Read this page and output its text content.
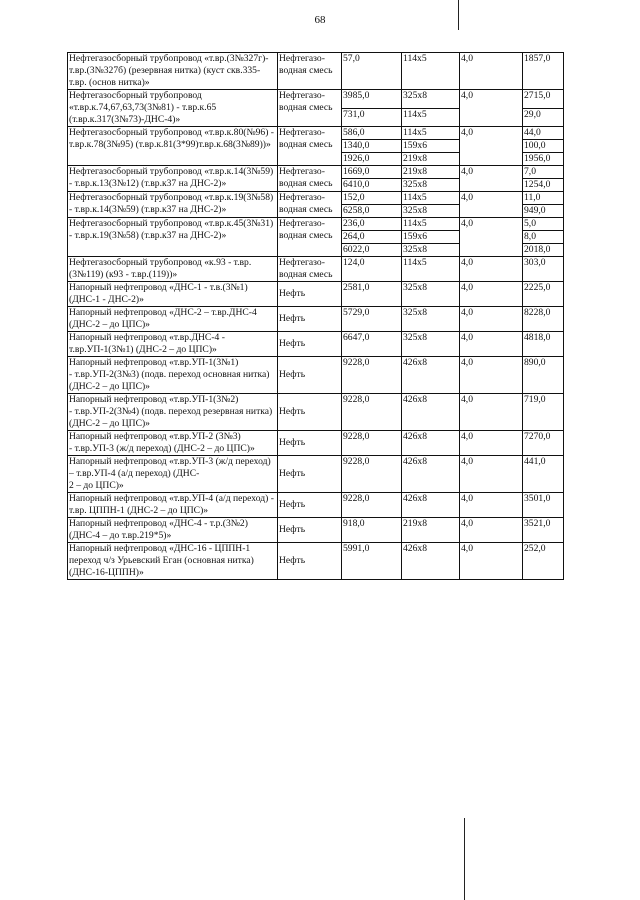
68
Нефтегазосборный трубопровод «т.вр.(3№327г)- т.вр.(3№327б) (резервная нитка) (куст скв.335-т.вр. (основ нитка)»	Нефтегазо-водная смесь	57,0	114x5	4,0	1857,0
Нефтегазосборный трубопровод «т.вр.к.74,67,63,73(3№81) - т.вр.к.65 (т.вр.к.317(3№73)-ДНС-4)»	Нефтегазо-водная смесь	3985,0	325x8	4,0	2715,0
		731,0	114x5		29,0
Нефтегазосборный трубопровод «т.вр.к.80(№96) - т.вр.к.78(3№95) (т.вр.к.81(3*99)т.вр.к.68(3№89))»	Нефтегазо-водная смесь	586,0	114x5	4,0	44,0
		1340,0	159x6		100,0
		1926,0	219x8		1956,0
Нефтегазосборный трубопровод «т.вр.к.14(3№59) - т.вр.к.13(3№12) (т.вр.к37 на ДНС-2)»	Нефтегазо-водная смесь	1669,0	219x8	4,0	7,0
		6410,0	325x8		1254,0
Нефтегазосборный трубопровод «т.вр.к.19(3№58) - т.вр.к.14(3№59) (т.вр.к37 на ДНС-2)»	Нефтегазо-водная смесь	152,0	114x5	4,0	11,0
		6258,0	325x8		949,0
Нефтегазосборный трубопровод «т.вр.к.45(3№31) - т.вр.к.19(3№58) (т.вр.к37 на ДНС-2)»	Нефтегазо-водная смесь	236,0	114x5	4,0	5,0
		264,0	159x6		8,0
		6022,0	325x8		2018,0
Нефтегазосборный трубопровод «к.93 - т.вр.(3№119) (к93 - т.вр.(119))»	Нефтегазо-водная смесь	124,0	114x5	4,0	303,0
Напорный нефтепровод «ДНС-1 - т.в.(3№1) (ДНС-1 - ДНС-2)»	Нефть	2581,0	325x8	4,0	2225,0
Напорный нефтепровод «ДНС-2 – т.вр.ДНС-4 (ДНС-2 – до ЦПС)»	Нефть	5729,0	325x8	4,0	8228,0
Напорный нефтепровод «т.вр.ДНС-4 - т.вр.УП-1(3№1) (ДНС-2 – до ЦПС)»	Нефть	6647,0	325x8	4,0	4818,0
Напорный нефтепровод «т.вр.УП-1(3№1)
- т.вр.УП-2(3№3) (подв. переход основная нитка) (ДНС-2 – до ЦПС)»	Нефть	9228,0	426x8	4,0	890,0
Напорный нефтепровод «т.вр.УП-1(3№2)
- т.вр.УП-2(3№4) (подв. переход резервная нитка) (ДНС-2 – до ЦПС)»	Нефть	9228,0	426x8	4,0	719,0
Напорный нефтепровод «т.вр.УП-2 (3№3)
- т.вр.УП-3 (ж/д переход) (ДНС-2 – до ЦПС)»	Нефть	9228,0	426x8	4,0	7270,0
Напорный нефтепровод «т.вр.УП-3 (ж/д переход) – т.вр.УП-4 (а/д переход) (ДНС-
2 – до ЦПС)»	Нефть	9228,0	426x8	4,0	441,0
Напорный нефтепровод «т.вр.УП-4 (а/д переход) - т.вр. ЦППН-1 (ДНС-2 – до ЦПС)»	Нефть	9228,0	426x8	4,0	3501,0
Напорный нефтепровод «ДНС-4 - т.р.(3№2) (ДНС-4 – до т.вр.219*5)»	Нефть	918,0	219x8	4,0	3521,0
Напорный нефтепровод «ДНС-16 - ЦППН-1 переход ч/з Урьевский Еган (основная нитка)
(ДНС-16-ЦППН)»	Нефть	5991,0	426x8	4,0	252,0
